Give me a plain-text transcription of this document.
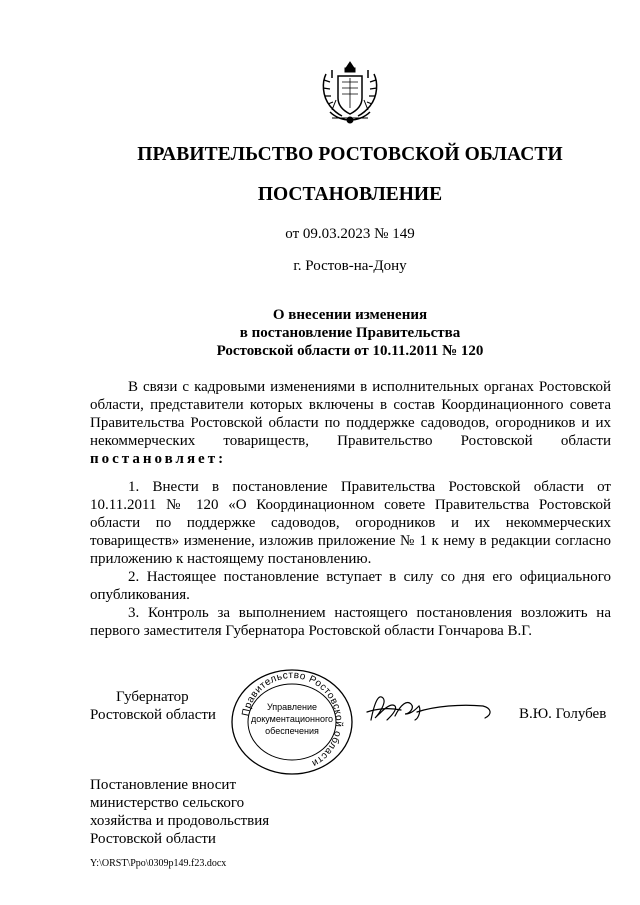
ПРАВИТЕЛЬСТВО РОСТОВСКОЙ ОБЛАСТИ
ПОСТАНОВЛЕНИЕ
от 09.03.2023 № 149
г. Ростов-на-Дону
О внесении изменения
в постановление Правительства
Ростовской области от 10.11.2011 № 120

В связи с кадровыми изменениями в исполнительных органах Ростовской области, представители которых включены в состав Координационного совета Правительства Ростовской области по поддержке садоводов, огородников и их некоммерческих товариществ, Правительство Ростовской области постановляет:

1. Внести в постановление Правительства Ростовской области от 10.11.2011 № 120 «О Координационном совете Правительства Ростовской области по поддержке садоводов, огородников и их некоммерческих товариществ» изменение, изложив приложение № 1 к нему в редакции согласно приложению к настоящему постановлению.

2. Настоящее постановление вступает в силу со дня его официального опубликования.

3. Контроль за выполнением настоящего постановления возложить на первого заместителя Губернатора Ростовской области Гончарова В.Г.

Губернатор
Ростовской области Правительство Ростовской области
Управление
документационного
обеспечения
В.Ю. Голубев
Постановление вносит
министерство сельского
хозяйства и продовольствия
Ростовской области
Y:\ORST\Ppo\0309p149.f23.docx
